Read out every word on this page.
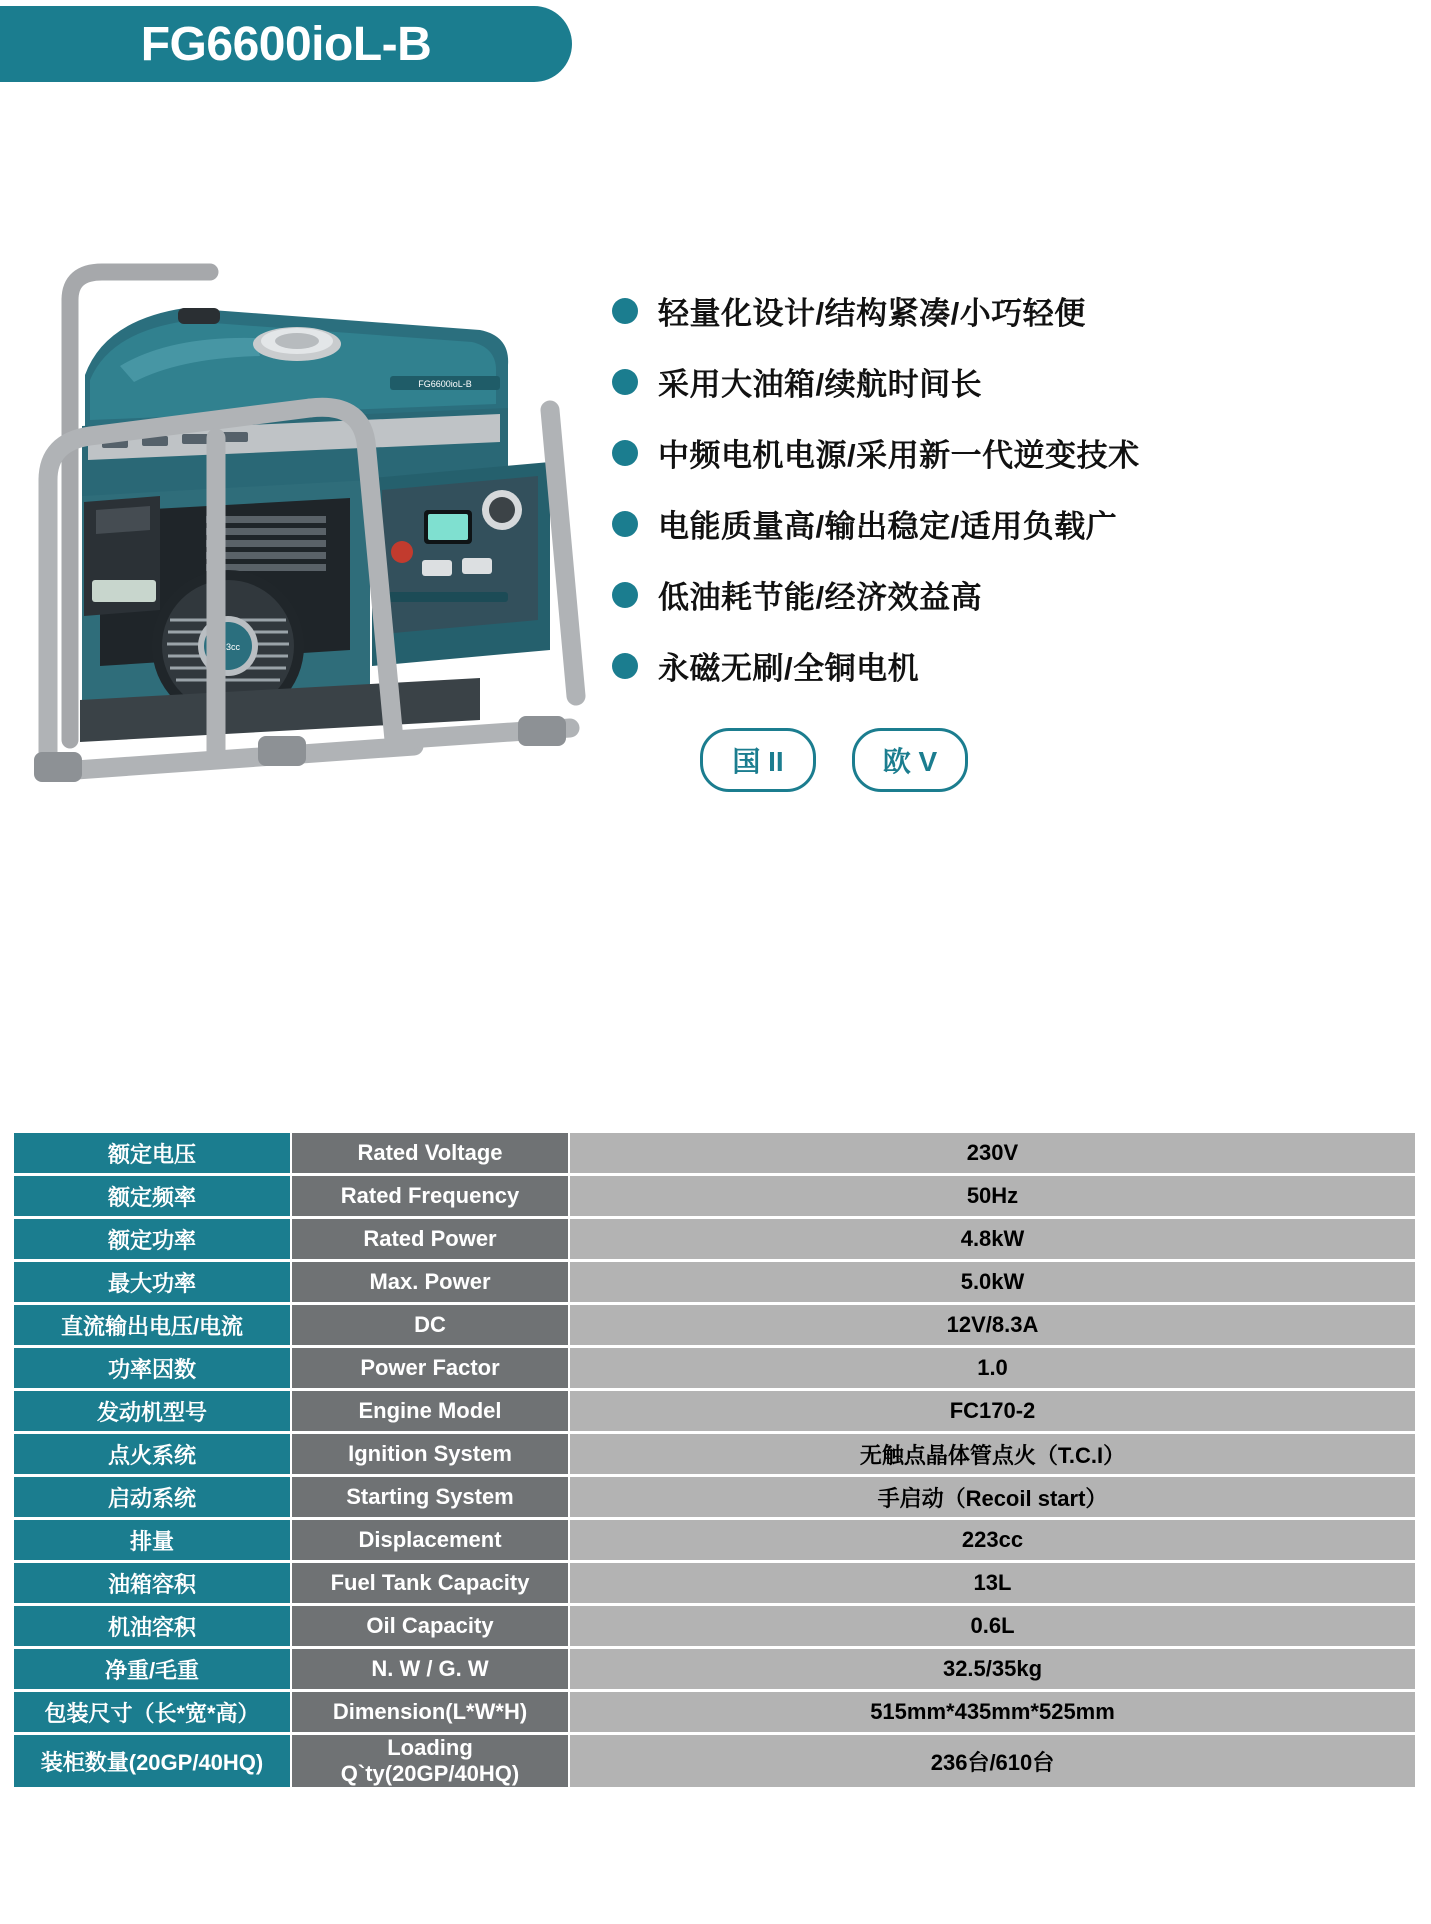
FG6600ioL-B
FG6600ioL-B
223cc
轻量化设计/结构紧凑/小巧轻便
采用大油箱/续航时间长
中频电机电源/采用新一代逆变技术
电能质量高/输出稳定/适用负载广
低油耗节能/经济效益高
永磁无刷/全铜电机
国 II	欧 V
额定电压	Rated Voltage	230V
额定频率	Rated Frequency	50Hz
额定功率	Rated Power	4.8kW
最大功率	Max. Power	5.0kW
直流输出电压/电流	DC	12V/8.3A
功率因数	Power Factor	1.0
发动机型号	Engine Model	FC170-2
点火系统	Ignition System	无触点晶体管点火（T.C.I）
启动系统	Starting System	手启动（Recoil start）
排量	Displacement	223cc
油箱容积	Fuel Tank Capacity	13L
机油容积	Oil Capacity	0.6L
净重/毛重	N. W / G. W	32.5/35kg
包装尺寸（长*宽*高）	Dimension(L*W*H)	515mm*435mm*525mm
装柜数量(20GP/40HQ)	Loading Q`ty(20GP/40HQ)	236台/610台
